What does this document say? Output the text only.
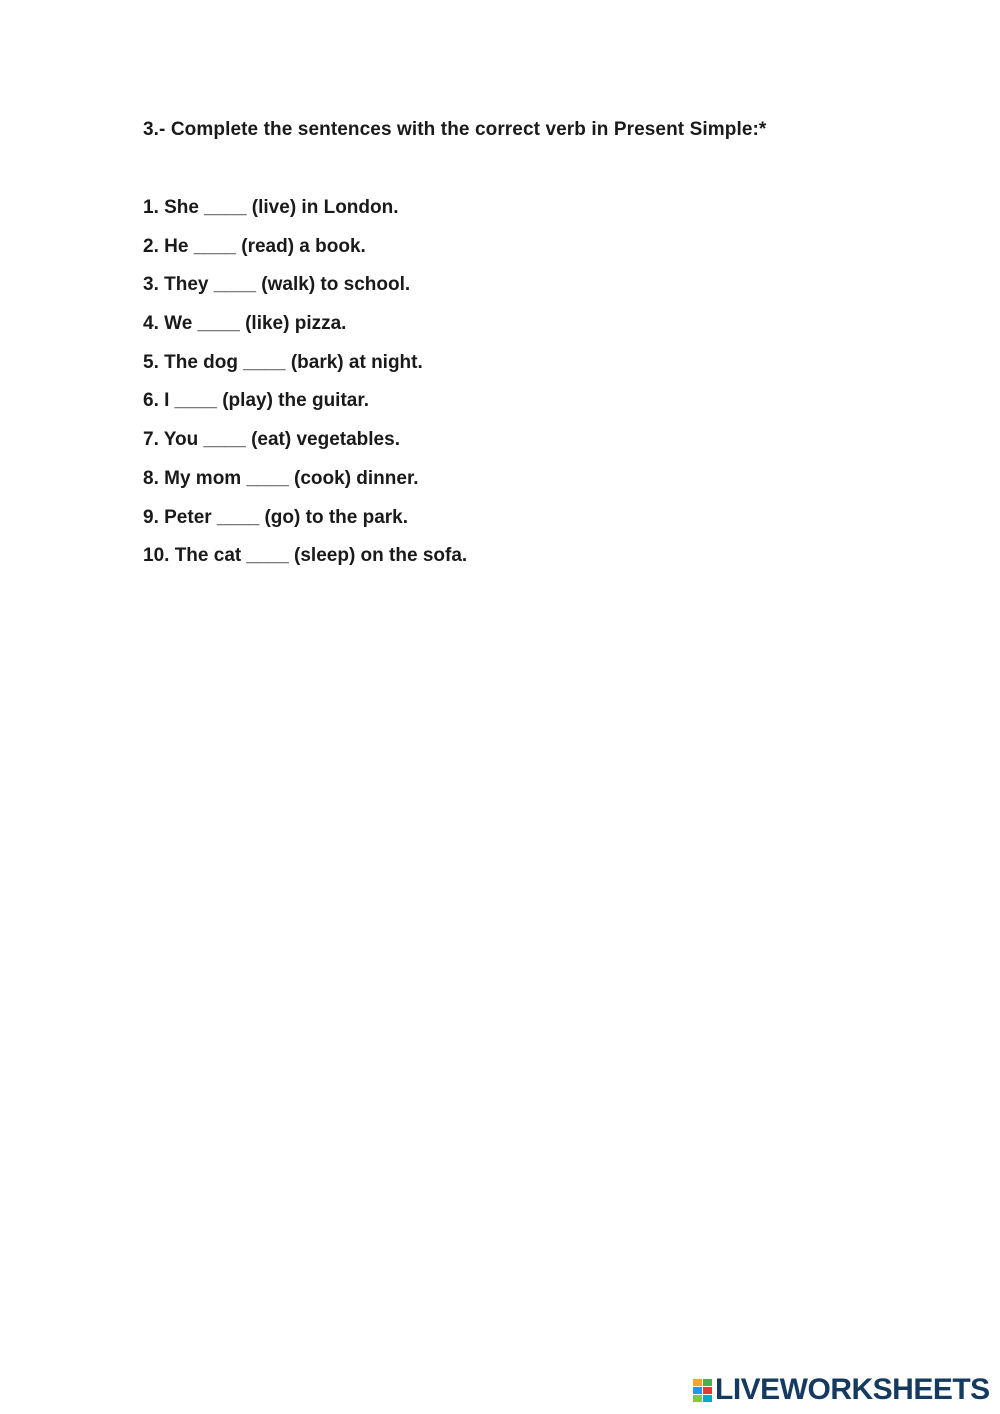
3.- Complete the sentences with the correct verb in Present Simple:*
1. She ____ (live) in London.
2. He ____ (read) a book.
3. They ____ (walk) to school.
4. We ____ (like) pizza.
5. The dog ____ (bark) at night.
6. I ____ (play) the guitar.
7. You ____ (eat) vegetables.
8. My mom ____ (cook) dinner.
9. Peter ____ (go) to the park.
10. The cat ____ (sleep) on the sofa.
LIVEWORKSHEETS
